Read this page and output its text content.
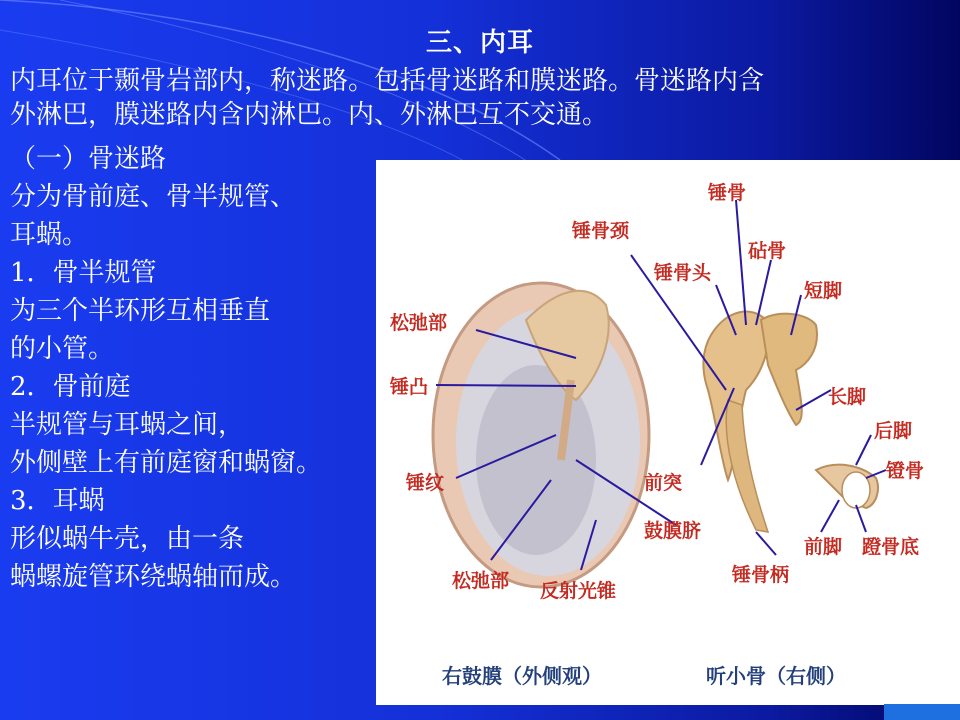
三、内耳
内耳位于颞骨岩部内，称迷路。包括骨迷路和膜迷路。骨迷路内含
外淋巴，膜迷路内含内淋巴。内、外淋巴互不交通。
（一）骨迷路
分为骨前庭、骨半规管、
耳蜗。
1．骨半规管
为三个半环形互相垂直
的小管。
2．骨前庭
半规管与耳蜗之间，
外侧壁上有前庭窗和蜗窗。
3．耳蜗
形似蜗牛壳，由一条
蜗螺旋管环绕蜗轴而成。
锤骨
锤骨颈
锤骨头
砧骨
短脚
松弛部
锤凸	长脚
后脚
镫骨
锤纹	前突
鼓膜脐
前脚 蹬骨底
锤骨柄
松弛部 反射光锥
右鼓膜（外侧观）	听小骨（右侧）
